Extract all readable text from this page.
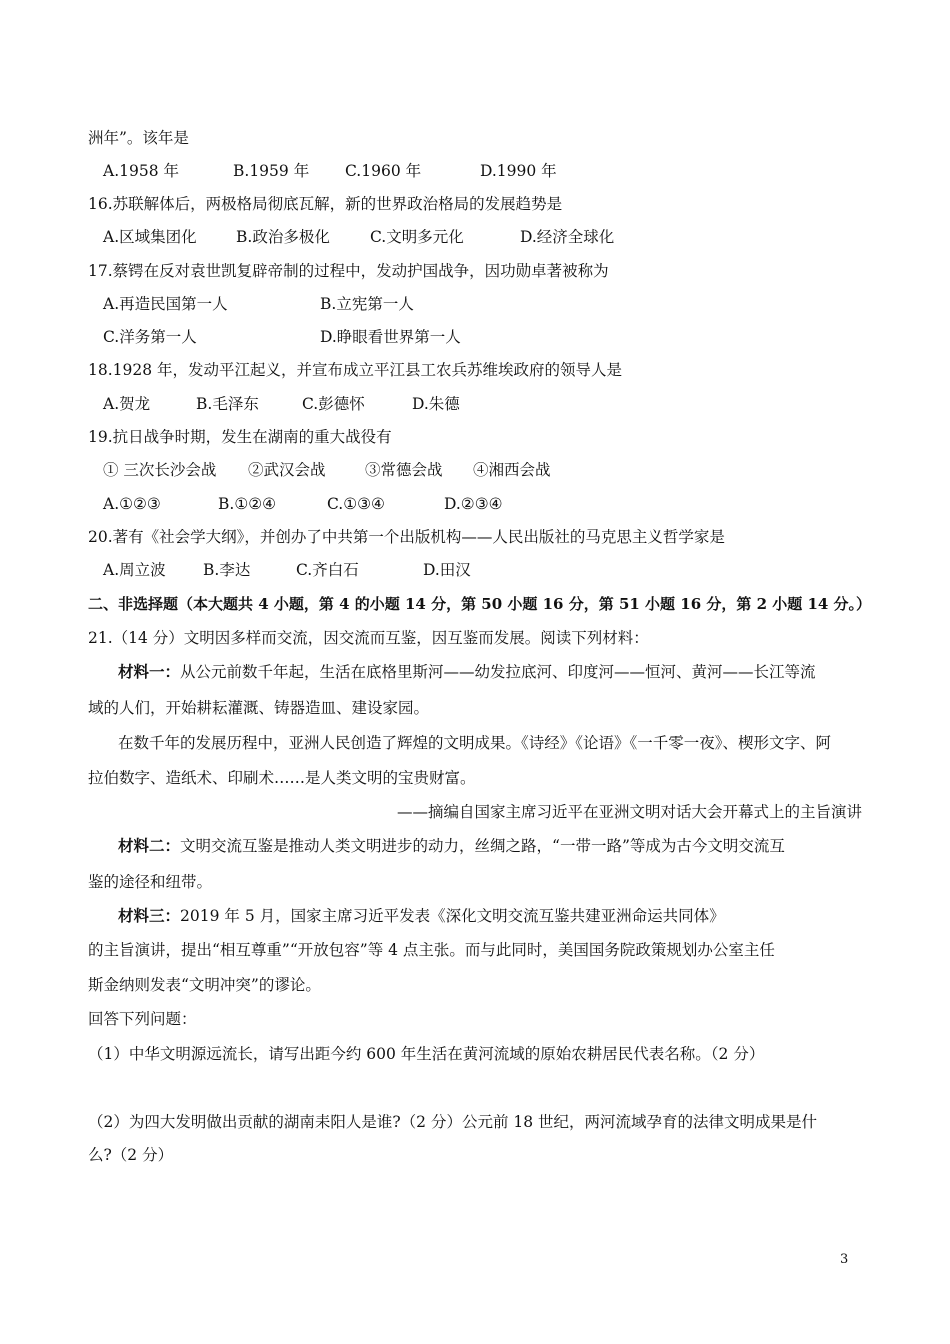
洲年”。该年是
A.1958 年	B.1959 年 C.1960 年	D.1990 年
16.苏联解体后，两极格局彻底瓦解，新的世界政治格局的发展趋势是
A.区域集团化	B.政治多极化	C.文明多元化	D.经济全球化
17.蔡锷在反对袁世凯复辟帝制的过程中，发动护国战争，因功勋卓著被称为
A.再造民国第一人	B.立宪第一人
C.洋务第一人	D.睁眼看世界第一人
18.1928 年，发动平江起义，并宣布成立平江县工农兵苏维埃政府的领导人是
A.贺龙	B.毛泽东	C.彭德怀	D.朱德
19.抗日战争时期，发生在湖南的重大战役有
① 三次长沙会战 ②武汉会战	③常德会战 ④湘西会战
A.①②③	B.①②④	C.①③④	D.②③④
20.著有《社会学大纲》，并创办了中共第一个出版机构——人民出版社的马克思主义哲学家是
A.周立波 B.李达	C.齐白石	D.田汉
二、非选择题（本大题共 4 小题，第 4 的小题 14 分，第 50 小题 16 分，第 51 小题 16 分，第 2 小题 14 分。）
21.（14 分）文明因多样而交流，因交流而互鉴，因互鉴而发展。阅读下列材料：
材料一：从公元前数千年起，生活在底格里斯河——幼发拉底河、印度河——恒河、黄河——长江等流
域的人们，开始耕耘灌溉、铸器造皿、建设家园。
在数千年的发展历程中，亚洲人民创造了辉煌的文明成果。《诗经》《论语》《一千零一夜》、楔形文字、阿
拉伯数字、造纸术、印刷术……是人类文明的宝贵财富。
——摘编自国家主席习近平在亚洲文明对话大会开幕式上的主旨演讲
材料二：文明交流互鉴是推动人类文明进步的动力，丝绸之路，“一带一路”等成为古今文明交流互
鉴的途径和纽带。
材料三：2019 年 5 月，国家主席习近平发表《深化文明交流互鉴共建亚洲命运共同体》
的主旨演讲，提出“相互尊重”“开放包容”等 4 点主张。而与此同时，美国国务院政策规划办公室主任
斯金纳则发表“文明冲突”的谬论。
回答下列问题：
（1）中华文明源远流长，请写出距今约 600 年生活在黄河流域的原始农耕居民代表名称。（2 分）
（2）为四大发明做出贡献的湖南耒阳人是谁?（2 分）公元前 18 世纪，两河流域孕育的法律文明成果是什
么?（2 分）
3
